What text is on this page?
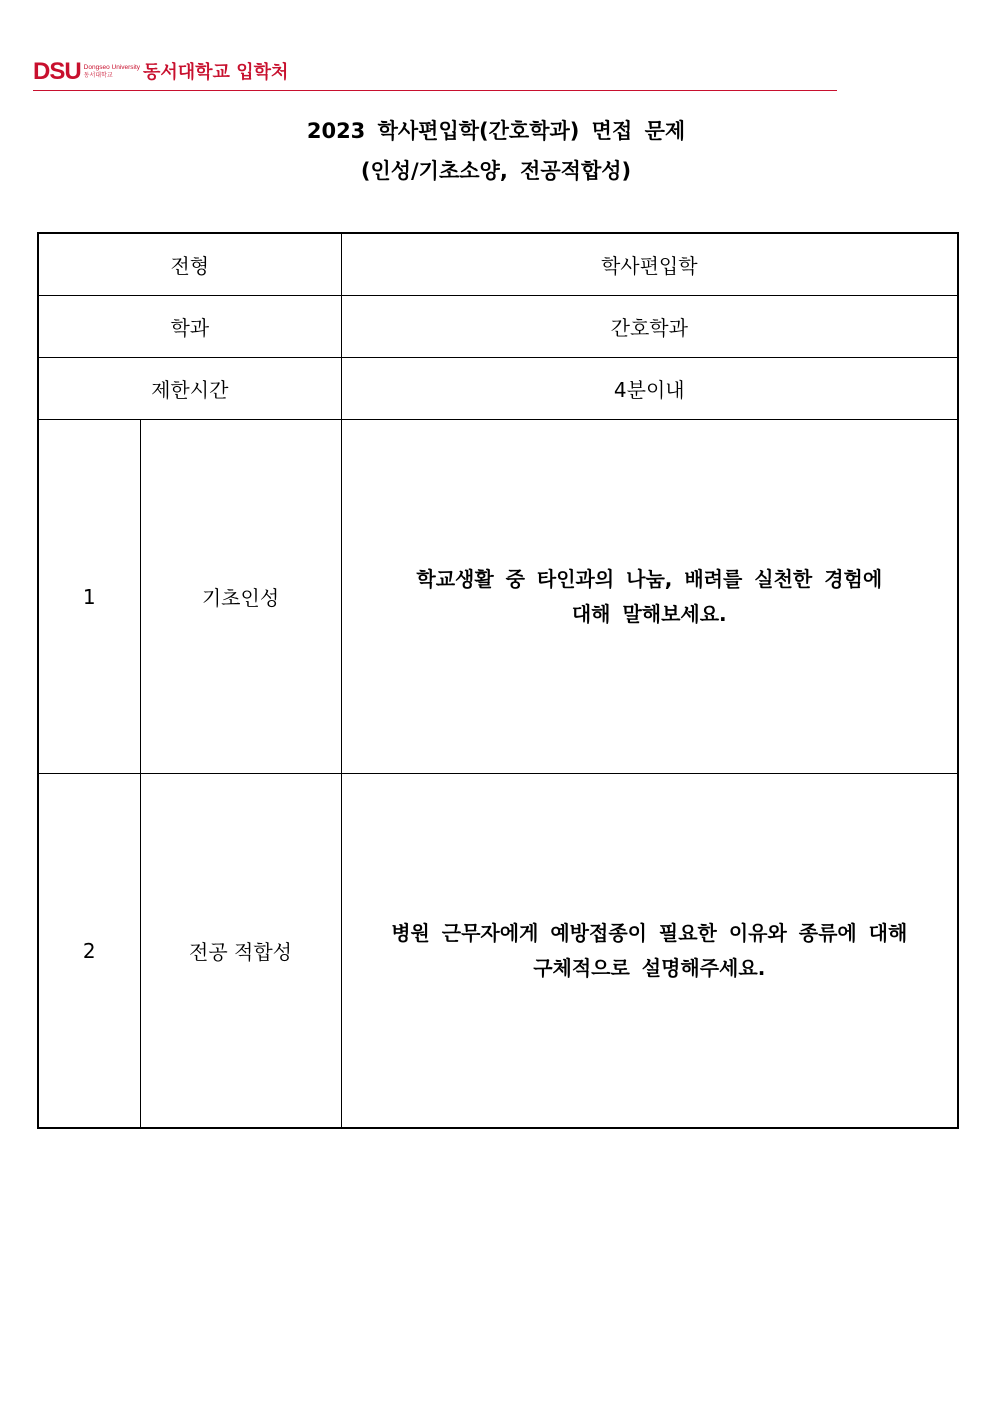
DSU Dongseo University
동서대학교	동서대학교 입학처
2023 학사편입학(간호학과) 면접 문제
(인성/기초소양, 전공적합성)
전형		학사편입학
학과		간호학과
제한시간		4분이내
1	기초인성	학교생활 중 타인과의 나눔, 배려를 실천한 경험에
대해 말해보세요.

2	전공 적합성	병원 근무자에게 예방접종이 필요한 이유와 종류에 대해
구체적으로 설명해주세요.
